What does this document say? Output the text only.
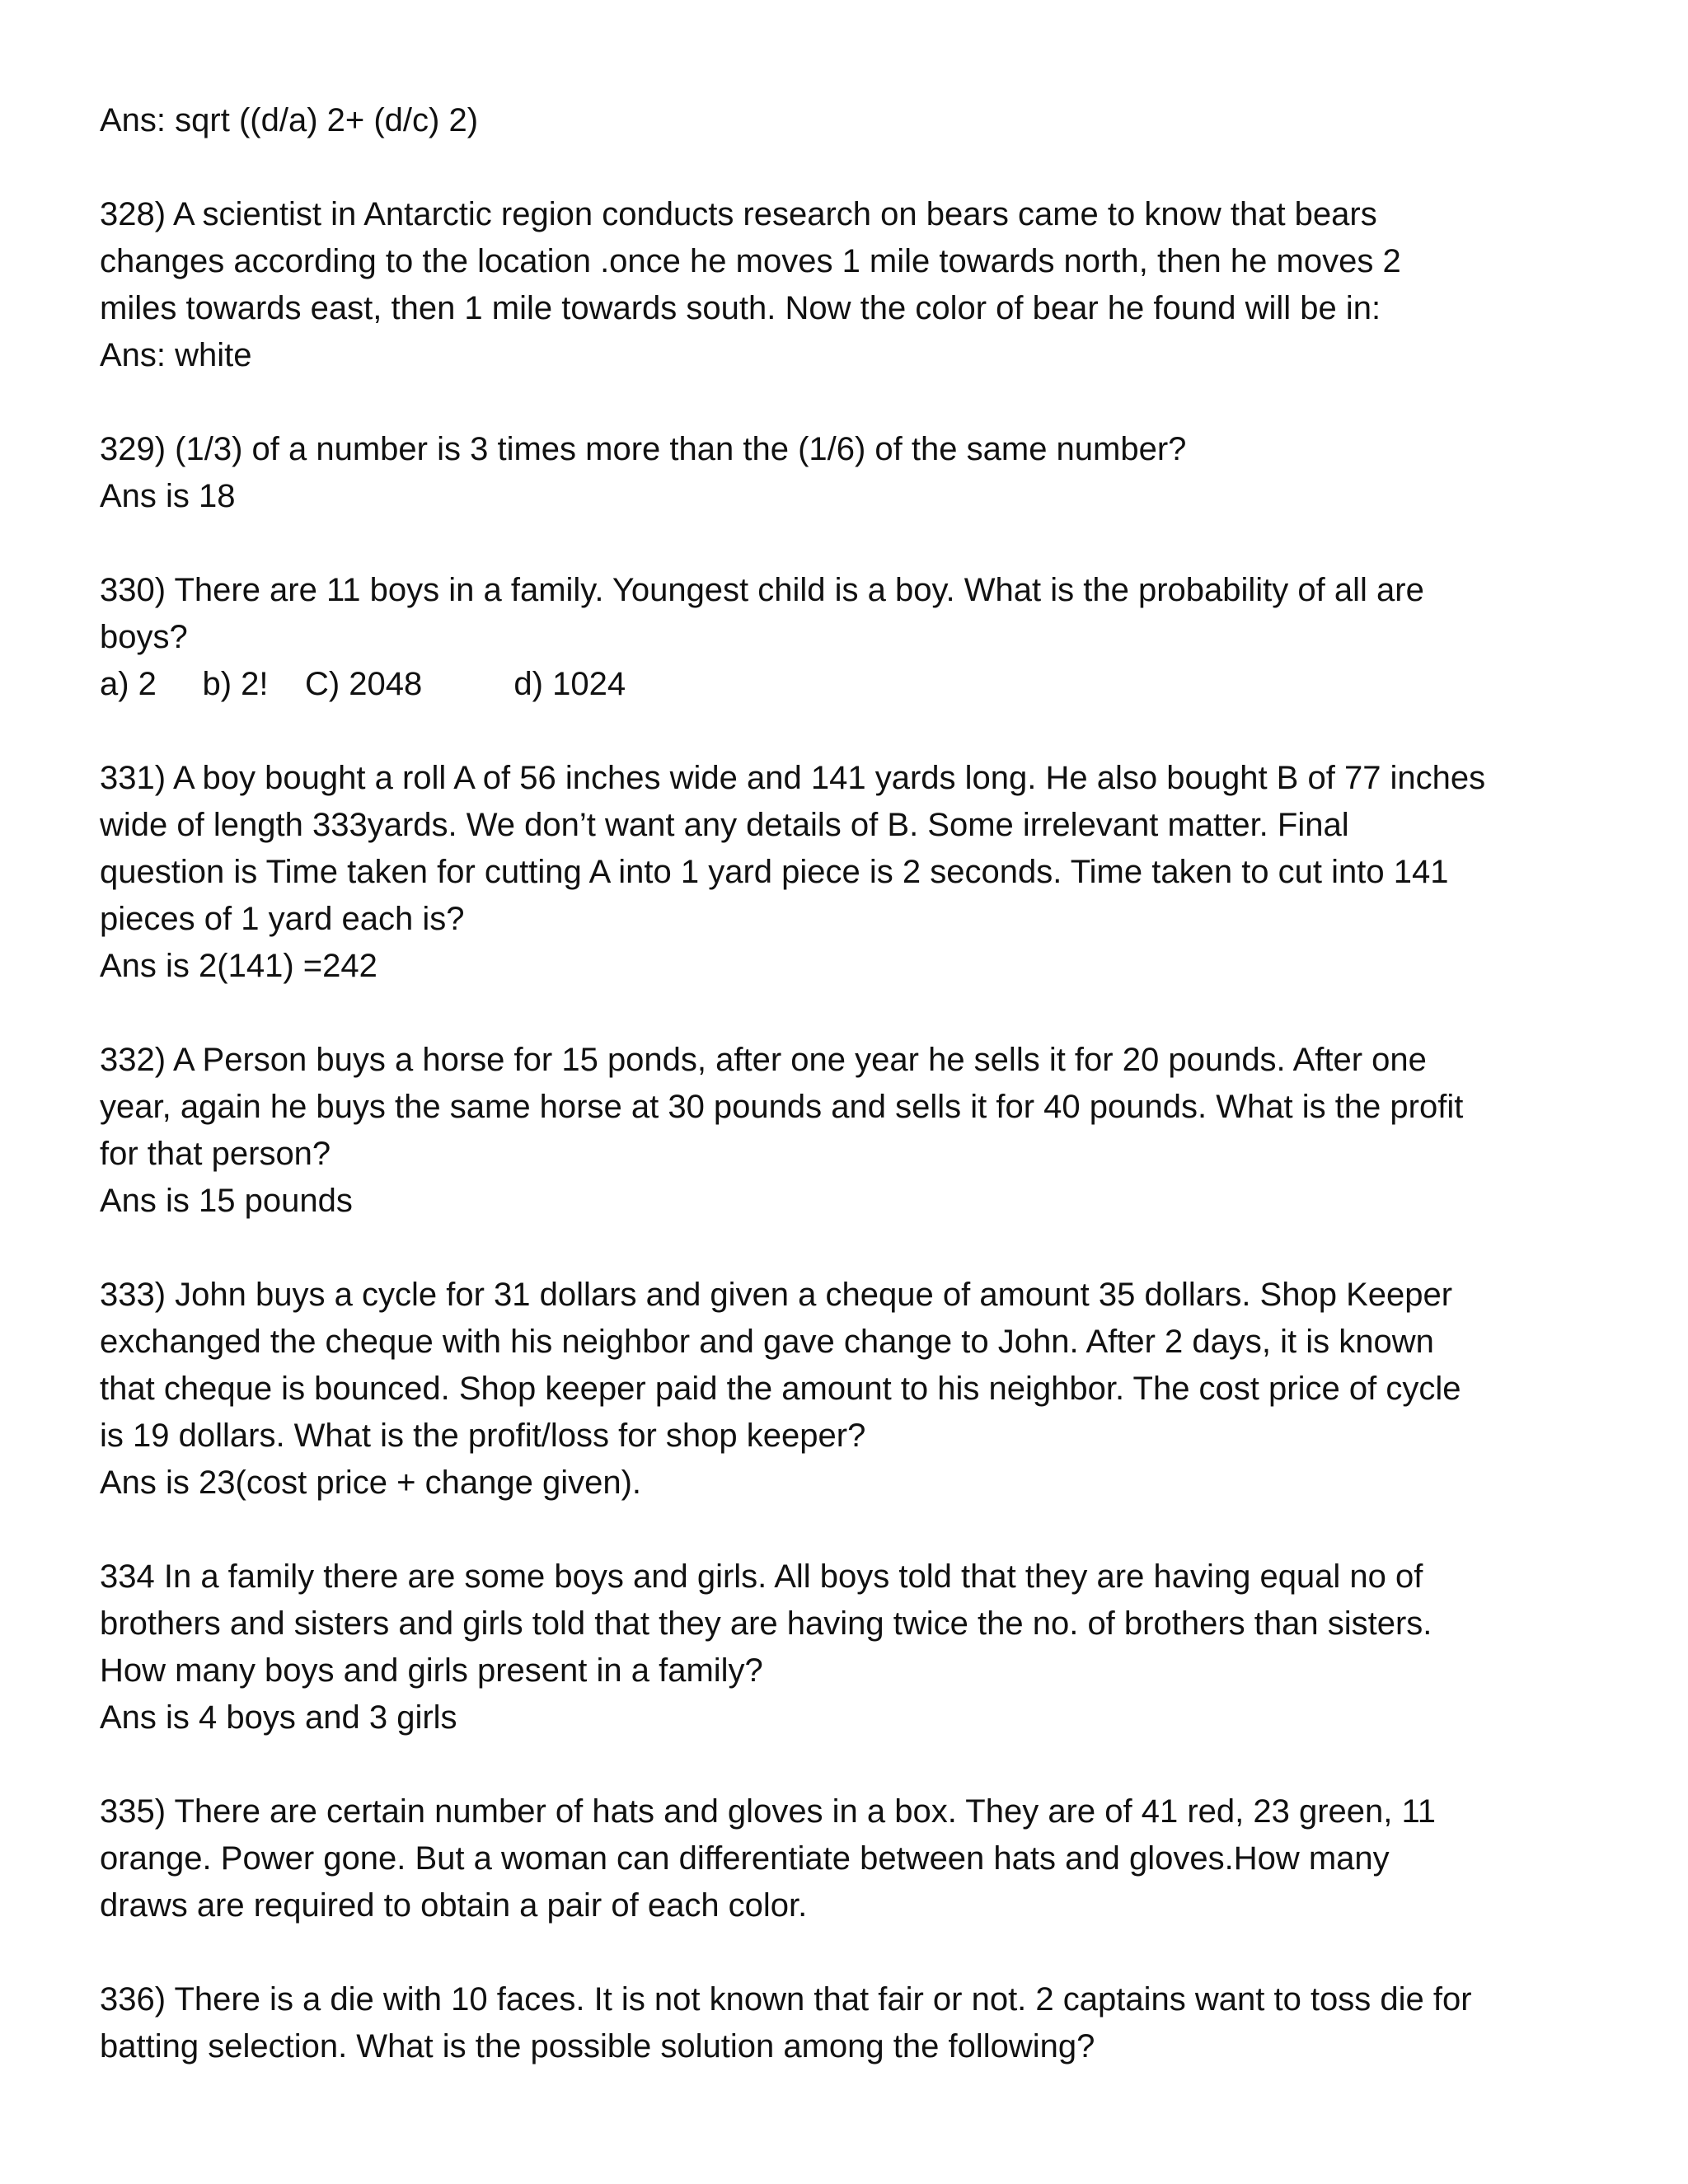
Ans: sqrt ((d/a) 2+ (d/c) 2)
328) A scientist in Antarctic region conducts research on bears came to know that bears
changes according to the location .once he moves 1 mile towards north, then he moves 2
miles towards east, then 1 mile towards south. Now the color of bear he found will be in:
Ans: white
329) (1/3) of a number is 3 times more than the (1/6) of the same number?
Ans is 18
330) There are 11 boys in a family. Youngest child is a boy. What is the probability of all are
boys?
a) 2     b) 2!    C) 2048          d) 1024
331) A boy bought a roll A of 56 inches wide and 141 yards long. He also bought B of 77 inches
wide of length 333yards. We don’t want any details of B. Some irrelevant matter. Final
question is Time taken for cutting A into 1 yard piece is 2 seconds. Time taken to cut into 141
pieces of 1 yard each is?
Ans is 2(141) =242
332) A Person buys a horse for 15 ponds, after one year he sells it for 20 pounds. After one
year, again he buys the same horse at 30 pounds and sells it for 40 pounds. What is the profit
for that person?
Ans is 15 pounds
333) John buys a cycle for 31 dollars and given a cheque of amount 35 dollars. Shop Keeper
exchanged the cheque with his neighbor and gave change to John. After 2 days, it is known
that cheque is bounced. Shop keeper paid the amount to his neighbor. The cost price of cycle
is 19 dollars. What is the profit/loss for shop keeper?
Ans is 23(cost price + change given).
334 In a family there are some boys and girls. All boys told that they are having equal no of
brothers and sisters and girls told that they are having twice the no. of brothers than sisters.
How many boys and girls present in a family?
Ans is 4 boys and 3 girls
335) There are certain number of hats and gloves in a box. They are of 41 red, 23 green, 11
orange. Power gone. But a woman can differentiate between hats and gloves.How many
draws are required to obtain a pair of each color.
336) There is a die with 10 faces. It is not known that fair or not. 2 captains want to toss die for
batting selection. What is the possible solution among the following?
